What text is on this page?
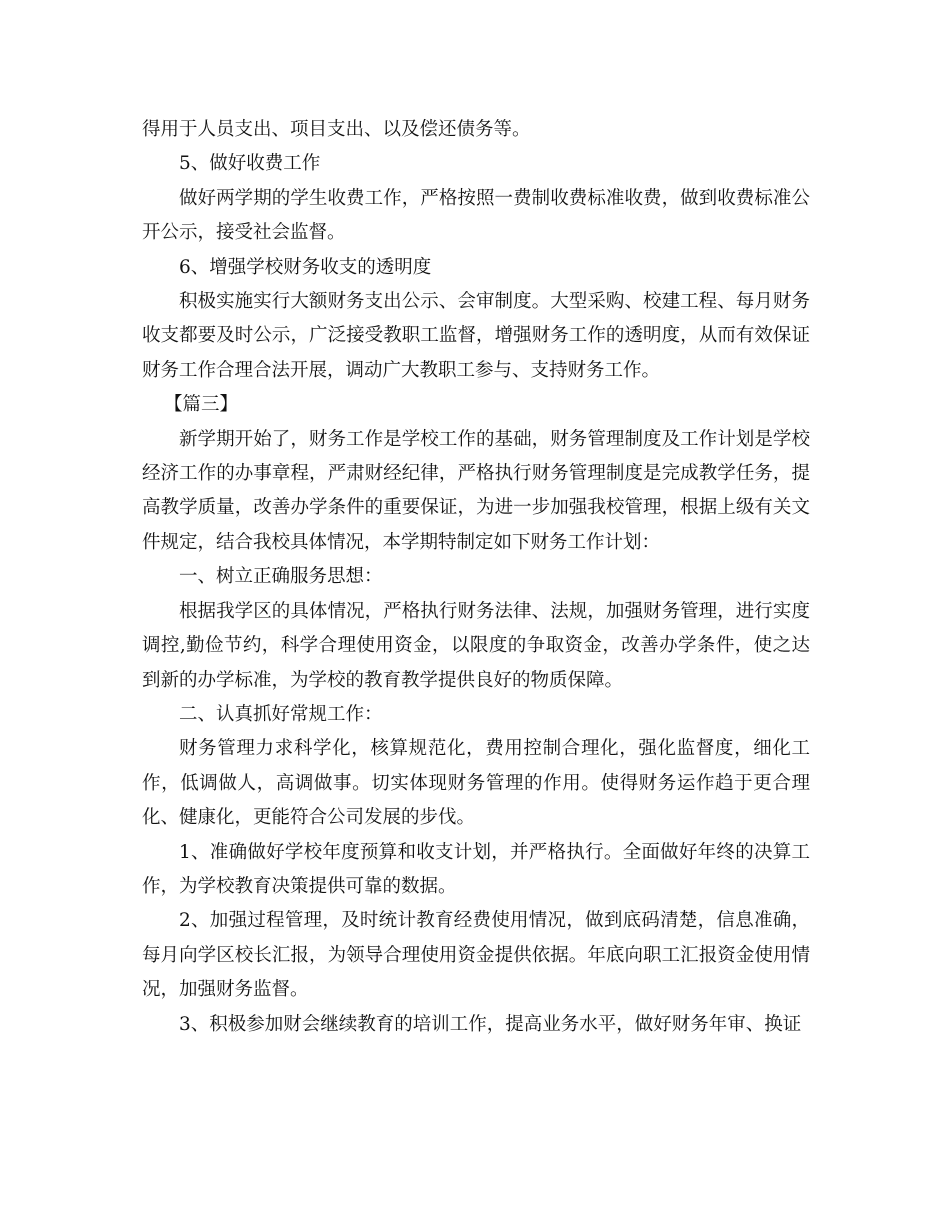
得用于人员支出、项目支出、以及偿还债务等。

5、做好收费工作

做好两学期的学生收费工作，严格按照一费制收费标准收费，做到收费标准公开公示，接受社会监督。

6、增强学校财务收支的透明度

积极实施实行大额财务支出公示、会审制度。大型采购、校建工程、每月财务收支都要及时公示，广泛接受教职工监督，增强财务工作的透明度，从而有效保证财务工作合理合法开展，调动广大教职工参与、支持财务工作。

【篇三】

新学期开始了，财务工作是学校工作的基础，财务管理制度及工作计划是学校经济工作的办事章程，严肃财经纪律，严格执行财务管理制度是完成教学任务，提高教学质量，改善办学条件的重要保证，为进一步加强我校管理，根据上级有关文件规定，结合我校具体情况，本学期特制定如下财务工作计划：

一、树立正确服务思想：

根据我学区的具体情况，严格执行财务法律、法规，加强财务管理，进行实度调控,勤俭节约，科学合理使用资金，以限度的争取资金，改善办学条件，使之达到新的办学标准，为学校的教育教学提供良好的物质保障。

二、认真抓好常规工作：

财务管理力求科学化，核算规范化，费用控制合理化，强化监督度，细化工作，低调做人，高调做事。切实体现财务管理的作用。使得财务运作趋于更合理化、健康化，更能符合公司发展的步伐。

1、准确做好学校年度预算和收支计划，并严格执行。全面做好年终的决算工作，为学校教育决策提供可靠的数据。

2、加强过程管理，及时统计教育经费使用情况，做到底码清楚，信息准确，每月向学区校长汇报，为领导合理使用资金提供依据。年底向职工汇报资金使用情况，加强财务监督。

3、积极参加财会继续教育的培训工作，提高业务水平，做好财务年审、换证
